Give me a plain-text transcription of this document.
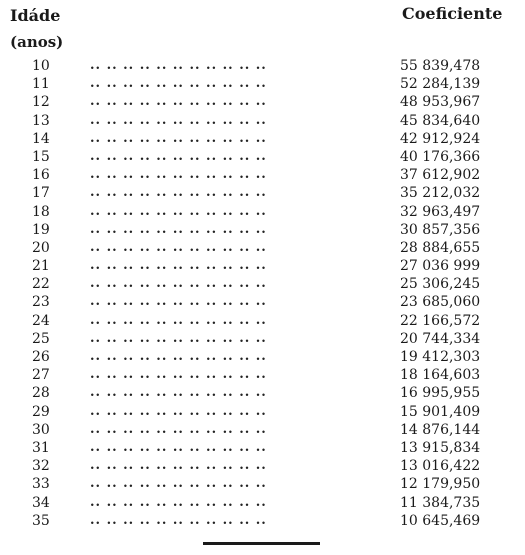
Idáde
(anos)
Coeficiente
10	.. .. .. .. .. .. .. .. .. .. ..	55 839,478
11	.. .. .. .. .. .. .. .. .. .. ..	52 284,139
12	.. .. .. .. .. .. .. .. .. .. ..	48 953,967
13	.. .. .. .. .. .. .. .. .. .. ..	45 834,640
14	.. .. .. .. .. .. .. .. .. .. ..	42 912,924
15	.. .. .. .. .. .. .. .. .. .. ..	40 176,366
16	.. .. .. .. .. .. .. .. .. .. ..	37 612,902
17	.. .. .. .. .. .. .. .. .. .. ..	35 212,032
18	.. .. .. .. .. .. .. .. .. .. ..	32 963,497
19	.. .. .. .. .. .. .. .. .. .. ..	30 857,356
20	.. .. .. .. .. .. .. .. .. .. ..	28 884,655
21	.. .. .. .. .. .. .. .. .. .. ..	27 036 999
22	.. .. .. .. .. .. .. .. .. .. ..	25 306,245
23	.. .. .. .. .. .. .. .. .. .. ..	23 685,060
24	.. .. .. .. .. .. .. .. .. .. ..	22 166,572
25	.. .. .. .. .. .. .. .. .. .. ..	20 744,334
26	.. .. .. .. .. .. .. .. .. .. ..	19 412,303
27	.. .. .. .. .. .. .. .. .. .. ..	18 164,603
28	.. .. .. .. .. .. .. .. .. .. ..	16 995,955
29	.. .. .. .. .. .. .. .. .. .. ..	15 901,409
30	.. .. .. .. .. .. .. .. .. .. ..	14 876,144
31	.. .. .. .. .. .. .. .. .. .. ..	13 915,834
32	.. .. .. .. .. .. .. .. .. .. ..	13 016,422
33	.. .. .. .. .. .. .. .. .. .. ..	12 179,950
34	.. .. .. .. .. .. .. .. .. .. ..	11 384,735
35	.. .. .. .. .. .. .. .. .. .. ..	10 645,469
